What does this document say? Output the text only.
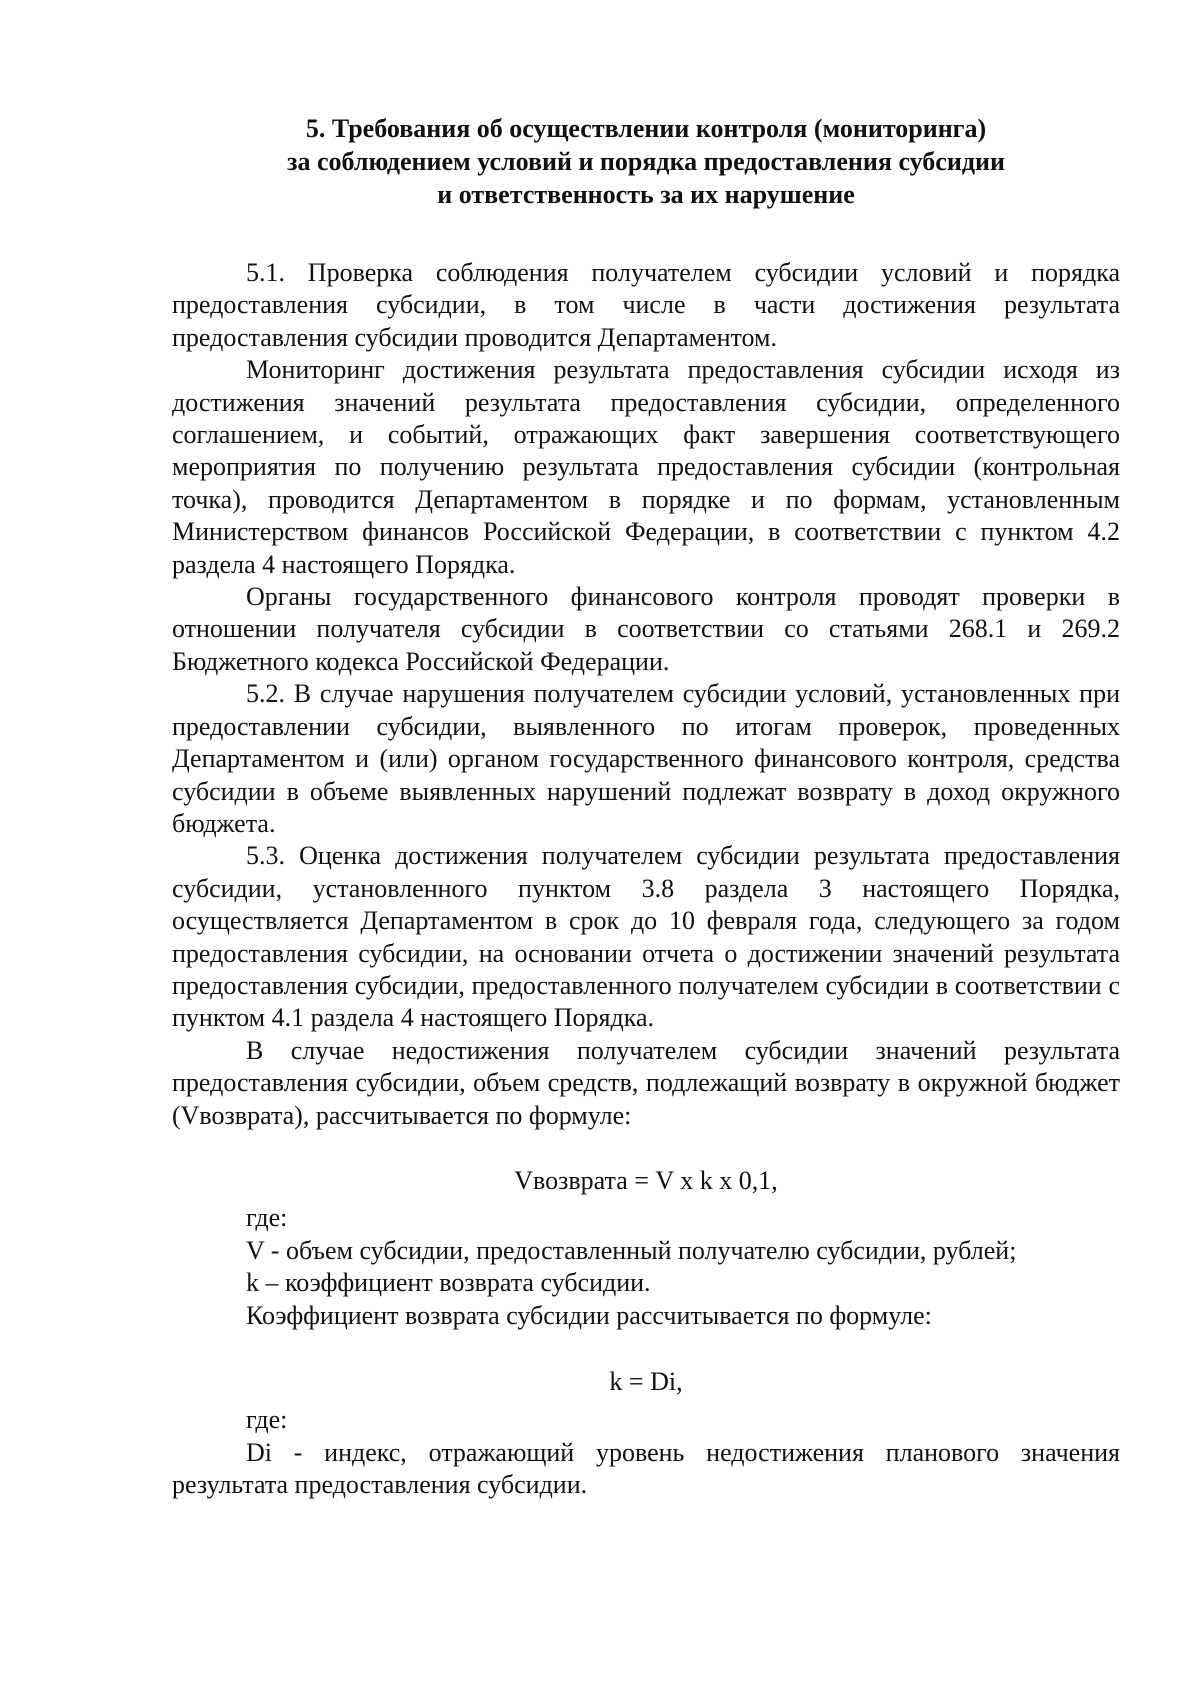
5. Требования об осуществлении контроля (мониторинга)
за соблюдением условий и порядка предоставления субсидии
и ответственность за их нарушение

5.1. Проверка соблюдения получателем субсидии условий и порядка предоставления субсидии, в том числе в части достижения результата предоставления субсидии проводится Департаментом.

Мониторинг достижения результата предоставления субсидии исходя из достижения значений результата предоставления субсидии, определенного соглашением, и событий, отражающих факт завершения соответствующего мероприятия по получению результата предоставления субсидии (контрольная точка), проводится Департаментом в порядке и по формам, установленным Министерством финансов Российской Федерации, в соответствии с пунктом 4.2 раздела 4 настоящего Порядка.

Органы государственного финансового контроля проводят проверки в отношении получателя субсидии в соответствии со статьями 268.1 и 269.2 Бюджетного кодекса Российской Федерации.

5.2. В случае нарушения получателем субсидии условий, установленных при предоставлении субсидии, выявленного по итогам проверок, проведенных Департаментом и (или) органом государственного финансового контроля, средства субсидии в объеме выявленных нарушений подлежат возврату в доход окружного бюджета.

5.3. Оценка достижения получателем субсидии результата предоставления субсидии, установленного пунктом 3.8 раздела 3 настоящего Порядка, осуществляется Департаментом в срок до 10 февраля года, следующего за годом предоставления субсидии, на основании отчета о достижении значений результата предоставления субсидии, предоставленного получателем субсидии в соответствии с пунктом 4.1 раздела 4 настоящего Порядка.

В случае недостижения получателем субсидии значений результата предоставления субсидии, объем средств, подлежащий возврату в окружной бюджет (Vвозврата), рассчитывается по формуле:

Vвозврата = V x k x 0,1,

где:

V - объем субсидии, предоставленный получателю субсидии, рублей;

k – коэффициент возврата субсидии.

Коэффициент возврата субсидии рассчитывается по формуле:

k = Di,

где:

Di - индекс, отражающий уровень недостижения планового значения результата предоставления субсидии.
